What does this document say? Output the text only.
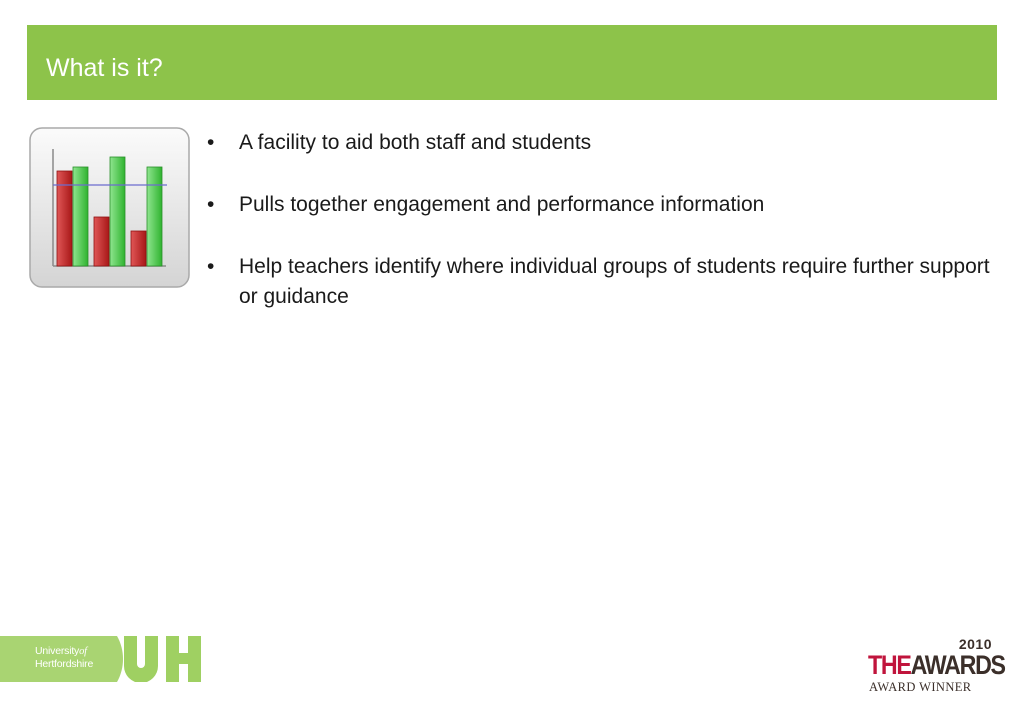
What is it?
• A facility to aid both staff and students
• Pulls together engagement and performance information
• Help teachers identify where individual groups of students require further support or guidance
Universityof
Hertfordshire
2010
THEAWARDS
AWARD WINNER
